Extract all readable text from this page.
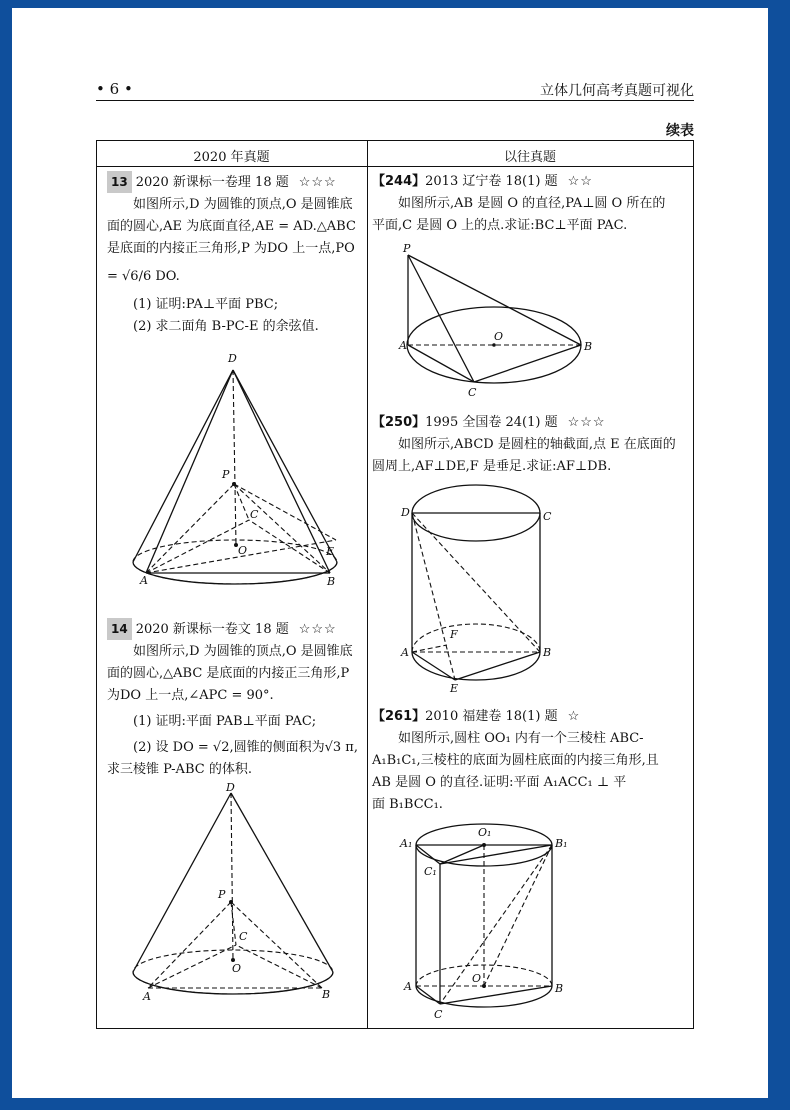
• 6 •	立体几何高考真题可视化
续表
2020 年真题	以往真题
13 2020 新课标一卷理 18 题 ☆☆☆
如图所示,D 为圆锥的顶点,O 是圆锥底
面的圆心,AE 为底面直径,AE = AD.△ABC
是底面的内接正三角形,P 为DO 上一点,PO
= √6/6 DO.
(1) 证明:PA⊥平面 PBC;
(2) 求二面角 B-PC-E 的余弦值.
D
P
C
O	E
A	B
14 2020 新课标一卷文 18 题 ☆☆☆
如图所示,D 为圆锥的顶点,O 是圆锥底
面的圆心,△ABC 是底面的内接正三角形,P
为DO 上一点,∠APC = 90°.
(1) 证明:平面 PAB⊥平面 PAC;
(2) 设 DO = √2,圆锥的侧面积为√3 π,
求三棱锥 P-ABC 的体积.
D
P
C
O
A	B
【244】2013 辽宁卷 18(1) 题 ☆☆
如图所示,AB 是圆 O 的直径,PA⊥圆 O 所在的
平面,C 是圆 O 上的点.求证:BC⊥平面 PAC.
P
A
O
B
C
【250】1995 全国卷 24(1) 题 ☆☆☆
如图所示,ABCD 是圆柱的轴截面,点 E 在底面的
圆周上,AF⊥DE,F 是垂足.求证:AF⊥DB.
D	C
F
A	B
E
【261】2010 福建卷 18(1) 题 ☆
如图所示,圆柱 OO₁ 内有一个三棱柱 ABC-
A₁B₁C₁,三棱柱的底面为圆柱底面的内接三角形,且
AB 是圆 O 的直径.证明:平面 A₁ACC₁ ⊥ 平
面 B₁BCC₁.
A₁
O₁
B₁
C₁
A
O
B
C
